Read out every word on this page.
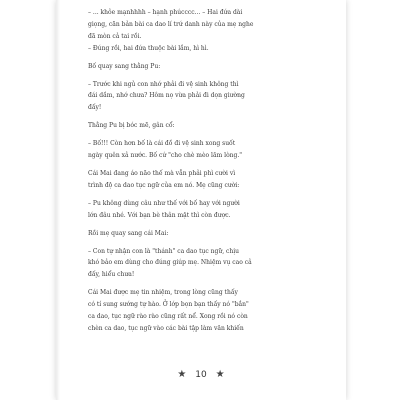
– ... khỏe mạnhhhh – hạnh phúcccc... – Hai đứa dài
giọng, cãn bản bài ca dao lí trứ danh này của mẹ nghe
đã mòn cả tai rồi.
– Đúng rồi, hai đứa thuộc bài lắm, hì hì.
Bố quay sang thằng Pu:
– Trước khi ngủ con nhớ phải đi vệ sinh không thì
đái dầm, nhớ chưa? Hôm nọ vừa phải đi dọn giường
đấy!
Thằng Pu bị bóc mẽ, gân cổ:
– Bố!!! Còn hơn bố là cái đồ đi vệ sinh xong suốt
ngày quên xả nước. Bố cứ "cho chè mèo lăm lòng."
Cái Mai đang áo não thế mà vẫn phải phì cười vì
trình độ ca dao tục ngữ của em nó. Mẹ cũng cười:
– Pu không dùng câu như thế với bố hay với người
lớn đâu nhé. Với bạn bè thân mật thì còn được.
Rồi mẹ quay sang cái Mai:
– Con tự nhận con là "thánh" ca dao tục ngữ, chịu
khó bảo em dùng cho đúng giúp mẹ. Nhiệm vụ cao cả
đấy, hiểu chưa!
Cái Mai được mẹ tin nhiệm, trong lòng cũng thấy
có tí sung sướng tự hào. Ở lớp bọn bạn thấy nó "bắn"
ca dao, tục ngữ rào rào cũng rất nể. Xong rồi nó còn
chèn ca dao, tục ngữ vào các bài tập làm văn khiến
★ 10 ★
